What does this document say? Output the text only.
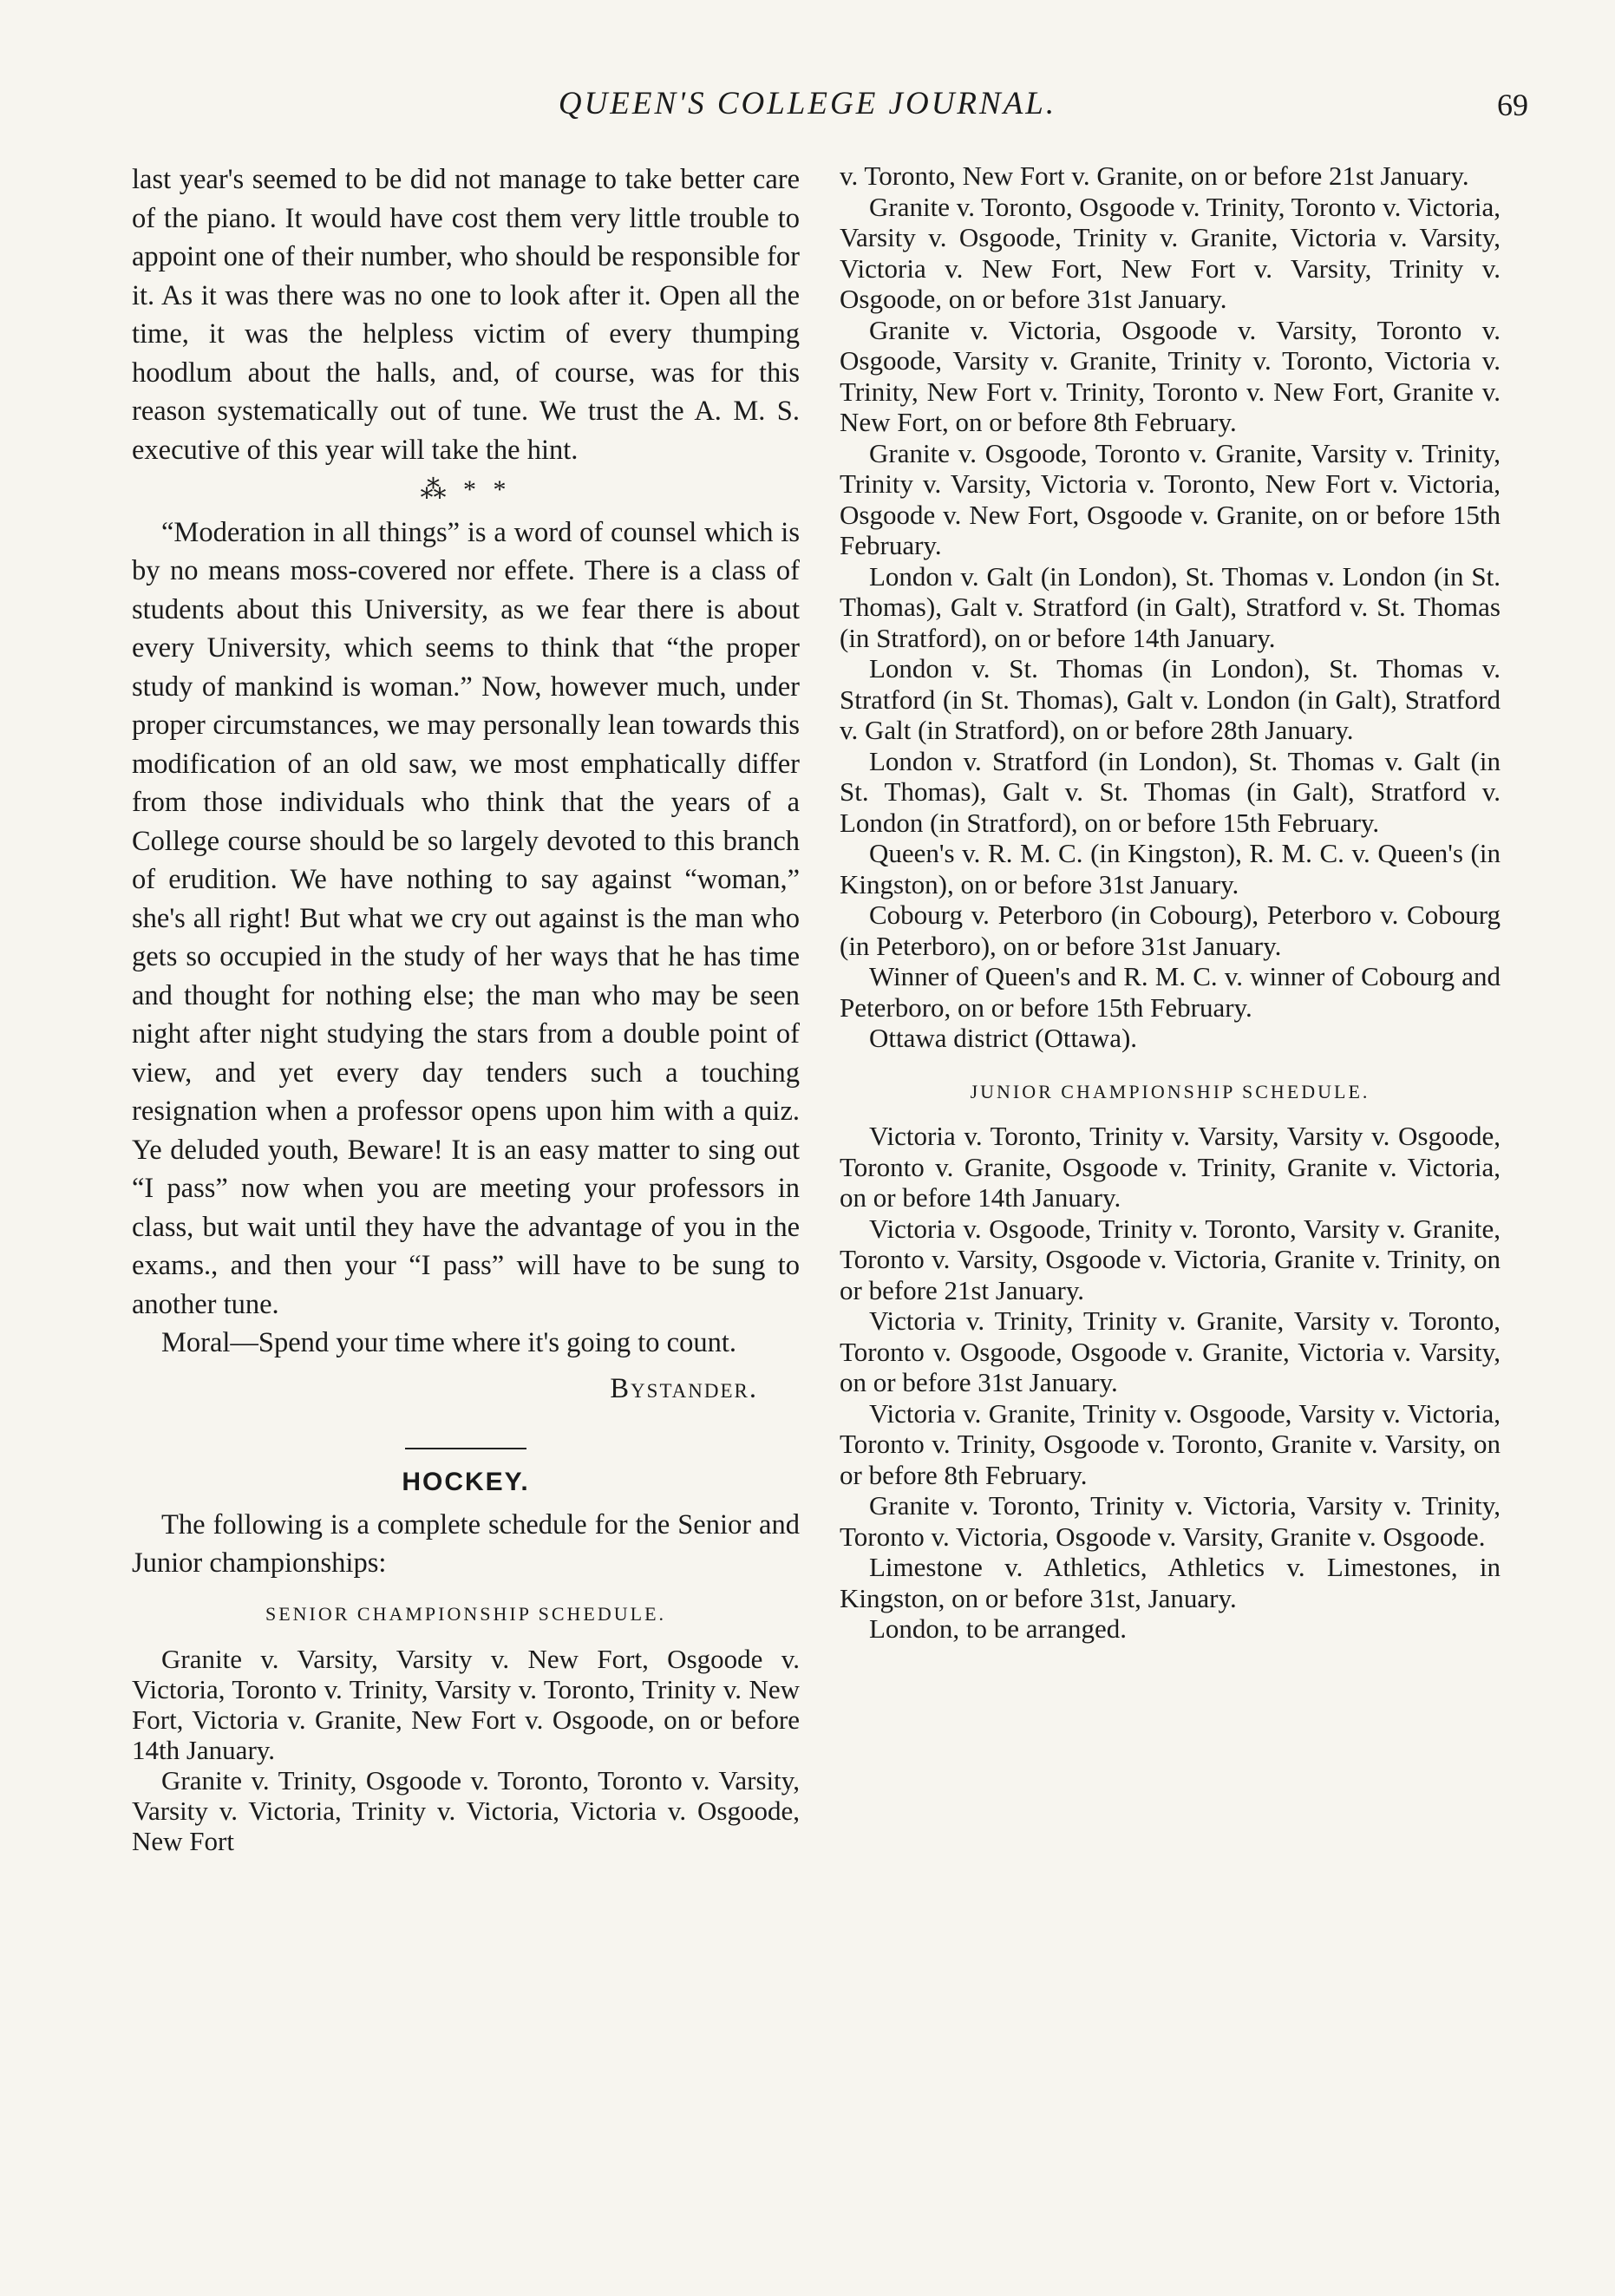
QUEEN'S COLLEGE JOURNAL.	69

last year's seemed to be did not manage to take better care of the piano. It would have cost them very little trouble to appoint one of their number, who should be responsible for it. As it was there was no one to look after it. Open all the time, it was the helpless victim of every thumping hoodlum about the halls, and, of course, was for this reason systematically out of tune. We trust the A. M. S. executive of this year will take the hint.

⁂ * *

“Moderation in all things” is a word of counsel which is by no means moss-covered nor effete. There is a class of students about this University, as we fear there is about every University, which seems to think that “the proper study of mankind is woman.” Now, however much, under proper circumstances, we may personally lean towards this modification of an old saw, we most emphatically differ from those individuals who think that the years of a College course should be so largely devoted to this branch of erudition. We have nothing to say against “woman,” she's all right! But what we cry out against is the man who gets so occupied in the study of her ways that he has time and thought for nothing else; the man who may be seen night after night studying the stars from a double point of view, and yet every day tenders such a touching resignation when a professor opens upon him with a quiz. Ye deluded youth, Beware! It is an easy matter to sing out “I pass” now when you are meeting your professors in class, but wait until they have the advantage of you in the exams., and then your “I pass” will have to be sung to another tune.

Moral—Spend your time where it's going to count.

Bystander.
HOCKEY.

The following is a complete schedule for the Senior and Junior championships:

SENIOR CHAMPIONSHIP SCHEDULE.

Granite v. Varsity, Varsity v. New Fort, Osgoode v. Victoria, Toronto v. Trinity, Varsity v. Toronto, Trinity v. New Fort, Victoria v. Granite, New Fort v. Osgoode, on or before 14th January.

Granite v. Trinity, Osgoode v. Toronto, Toronto v. Varsity, Varsity v. Victoria, Trinity v. Victoria, Victoria v. Osgoode, New Fort

v. Toronto, New Fort v. Granite, on or before 21st January.

Granite v. Toronto, Osgoode v. Trinity, Toronto v. Victoria, Varsity v. Osgoode, Trinity v. Granite, Victoria v. Varsity, Victoria v. New Fort, New Fort v. Varsity, Trinity v. Osgoode, on or before 31st January.

Granite v. Victoria, Osgoode v. Varsity, Toronto v. Osgoode, Varsity v. Granite, Trinity v. Toronto, Victoria v. Trinity, New Fort v. Trinity, Toronto v. New Fort, Granite v. New Fort, on or before 8th February.

Granite v. Osgoode, Toronto v. Granite, Varsity v. Trinity, Trinity v. Varsity, Victoria v. Toronto, New Fort v. Victoria, Osgoode v. New Fort, Osgoode v. Granite, on or before 15th February.

London v. Galt (in London), St. Thomas v. London (in St. Thomas), Galt v. Stratford (in Galt), Stratford v. St. Thomas (in Stratford), on or before 14th January.

London v. St. Thomas (in London), St. Thomas v. Stratford (in St. Thomas), Galt v. London (in Galt), Stratford v. Galt (in Stratford), on or before 28th January.

London v. Stratford (in London), St. Thomas v. Galt (in St. Thomas), Galt v. St. Thomas (in Galt), Stratford v. London (in Stratford), on or before 15th February.

Queen's v. R. M. C. (in Kingston), R. M. C. v. Queen's (in Kingston), on or before 31st January.

Cobourg v. Peterboro (in Cobourg), Peterboro v. Cobourg (in Peterboro), on or before 31st January.

Winner of Queen's and R. M. C. v. winner of Cobourg and Peterboro, on or before 15th February.

Ottawa district (Ottawa).

JUNIOR CHAMPIONSHIP SCHEDULE.

Victoria v. Toronto, Trinity v. Varsity, Varsity v. Osgoode, Toronto v. Granite, Osgoode v. Trinity, Granite v. Victoria, on or before 14th January.

Victoria v. Osgoode, Trinity v. Toronto, Varsity v. Granite, Toronto v. Varsity, Osgoode v. Victoria, Granite v. Trinity, on or before 21st January.

Victoria v. Trinity, Trinity v. Granite, Varsity v. Toronto, Toronto v. Osgoode, Osgoode v. Granite, Victoria v. Varsity, on or before 31st January.

Victoria v. Granite, Trinity v. Osgoode, Varsity v. Victoria, Toronto v. Trinity, Osgoode v. Toronto, Granite v. Varsity, on or before 8th February.

Granite v. Toronto, Trinity v. Victoria, Varsity v. Trinity, Toronto v. Victoria, Osgoode v. Varsity, Granite v. Osgoode.

Limestone v. Athletics, Athletics v. Limestones, in Kingston, on or before 31st, January.

London, to be arranged.
